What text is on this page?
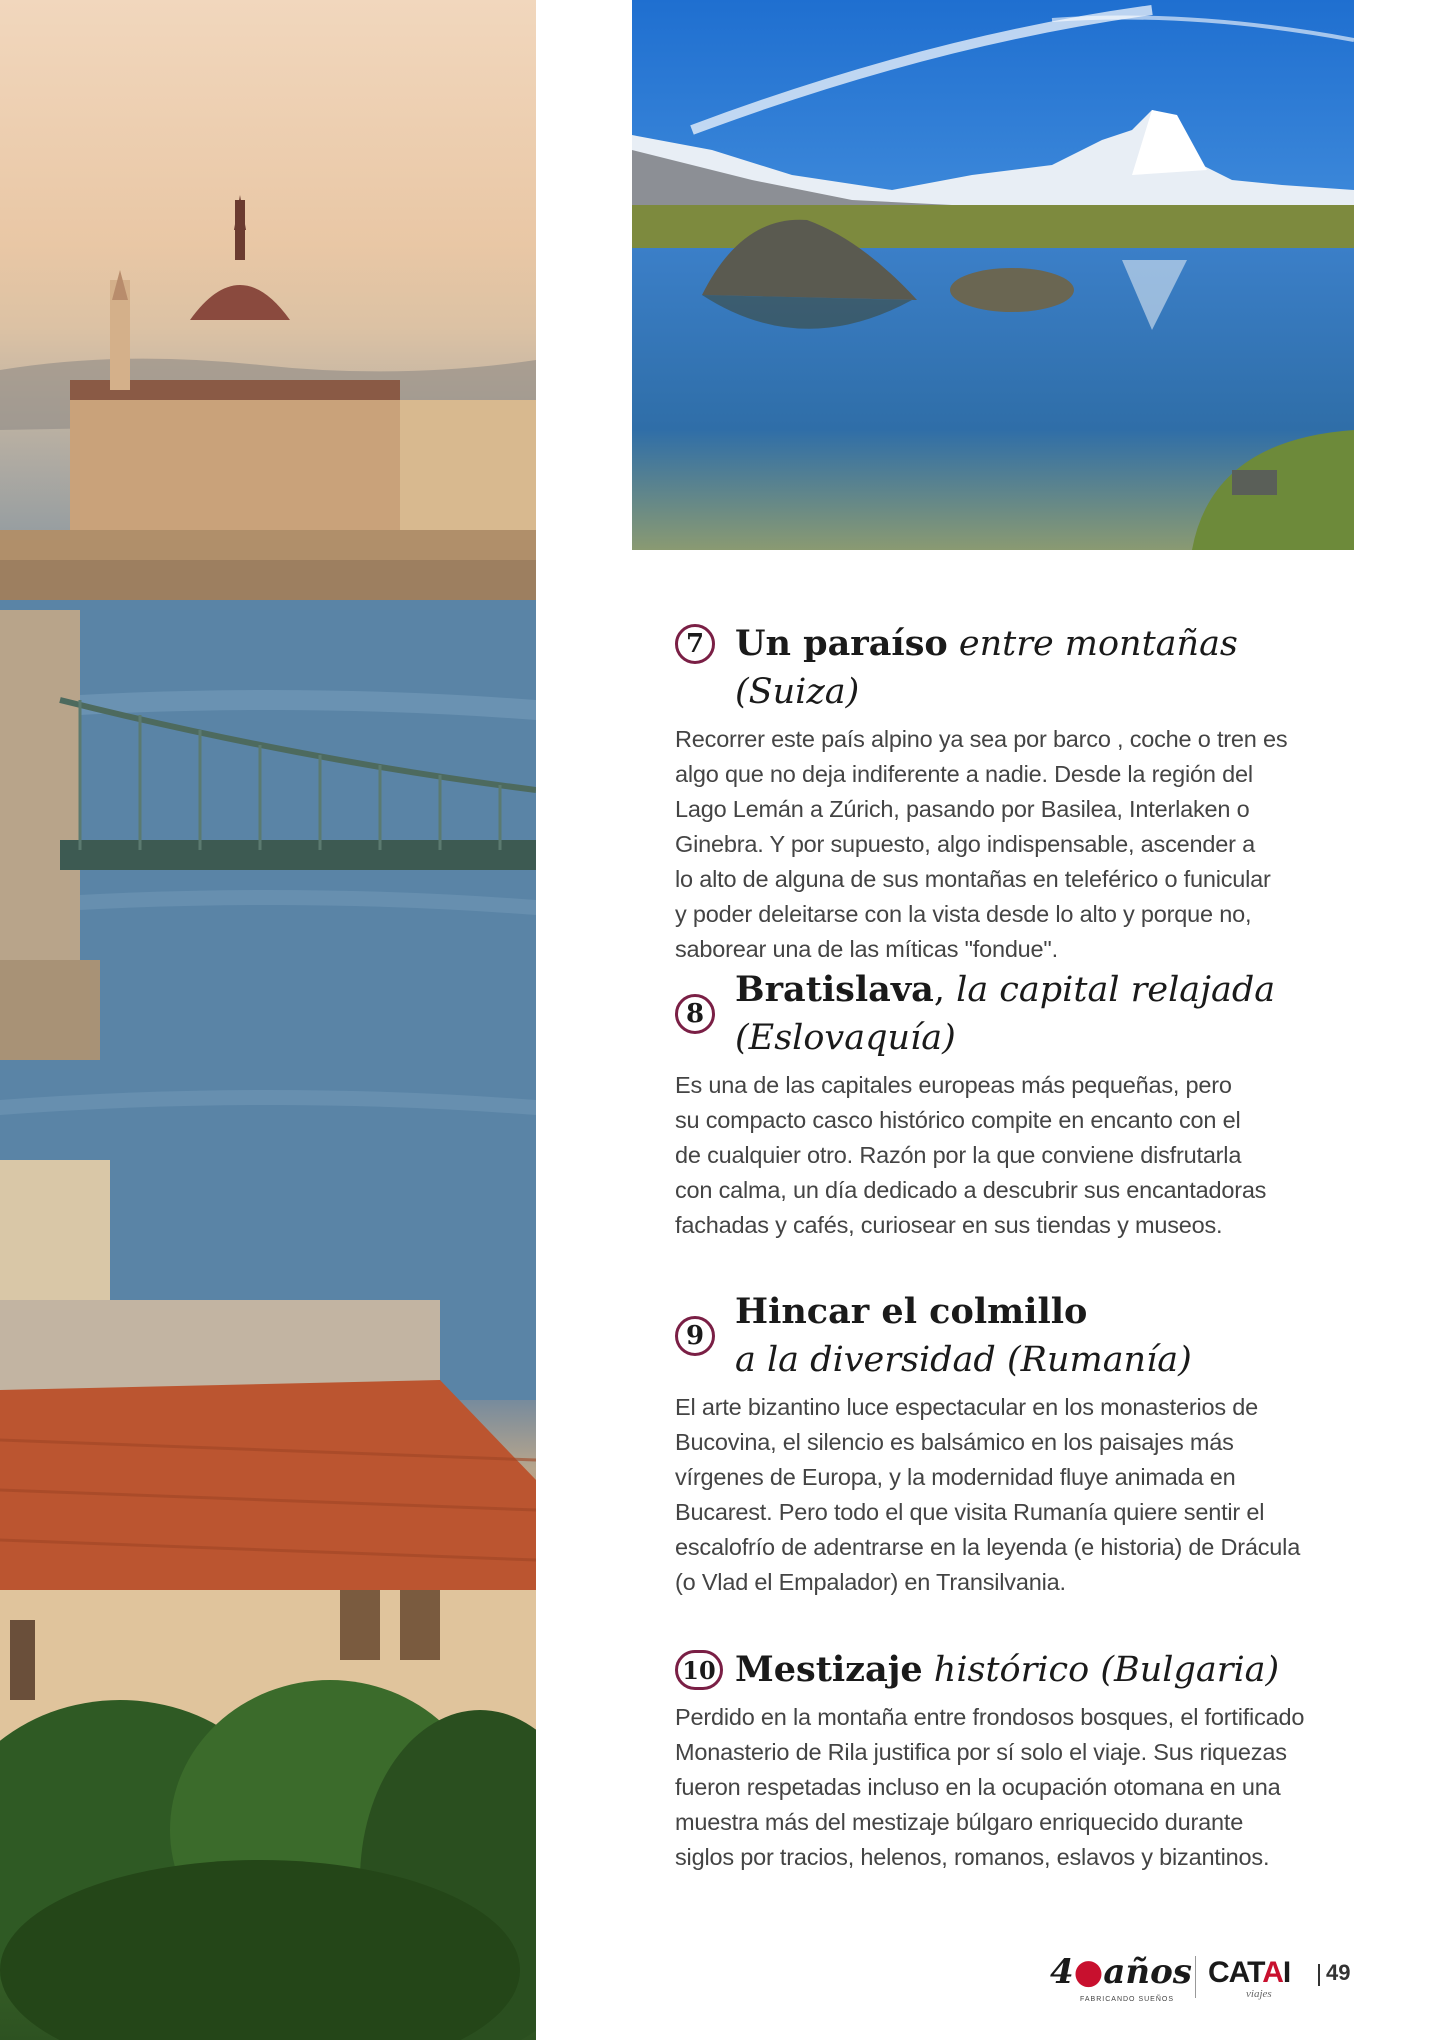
7 Un paraíso entre montañas (Suiza)
Recorrer este país alpino ya sea por barco , coche o tren es
algo que no deja indiferente a nadie. Desde la región del
Lago Lemán a Zúrich, pasando por Basilea, Interlaken o
Ginebra. Y por supuesto, algo indispensable, ascender a
lo alto de alguna de sus montañas en teleférico o funicular
y poder deleitarse con la vista desde lo alto y porque no,
saborear una de las míticas "fondue".
8
Bratislava, la capital relajada
(Eslovaquía)
Es una de las capitales europeas más pequeñas, pero
su compacto casco histórico compite en encanto con el
de cualquier otro. Razón por la que conviene disfrutarla
con calma, un día dedicado a descubrir sus encantadoras
fachadas y cafés, curiosear en sus tiendas y museos.
9
Hincar el colmillo
a la diversidad (Rumanía)
El arte bizantino luce espectacular en los monasterios de
Bucovina, el silencio es balsámico en los paisajes más
vírgenes de Europa, y la modernidad fluye animada en
Bucarest. Pero todo el que visita Rumanía quiere sentir el
escalofrío de adentrarse en la leyenda (e historia) de Drácula
(o Vlad el Empalador) en Transilvania.
10 Mestizaje histórico (Bulgaria)
Perdido en la montaña entre frondosos bosques, el fortificado
Monasterio de Rila justifica por sí solo el viaje. Sus riquezas
fueron respetadas incluso en la ocupación otomana en una
muestra más del mestizaje búlgaro enriquecido durante
siglos por tracios, helenos, romanos, eslavos y bizantinos.
4●años
FABRICANDO SUEÑOS
CATAI
viajes
49
